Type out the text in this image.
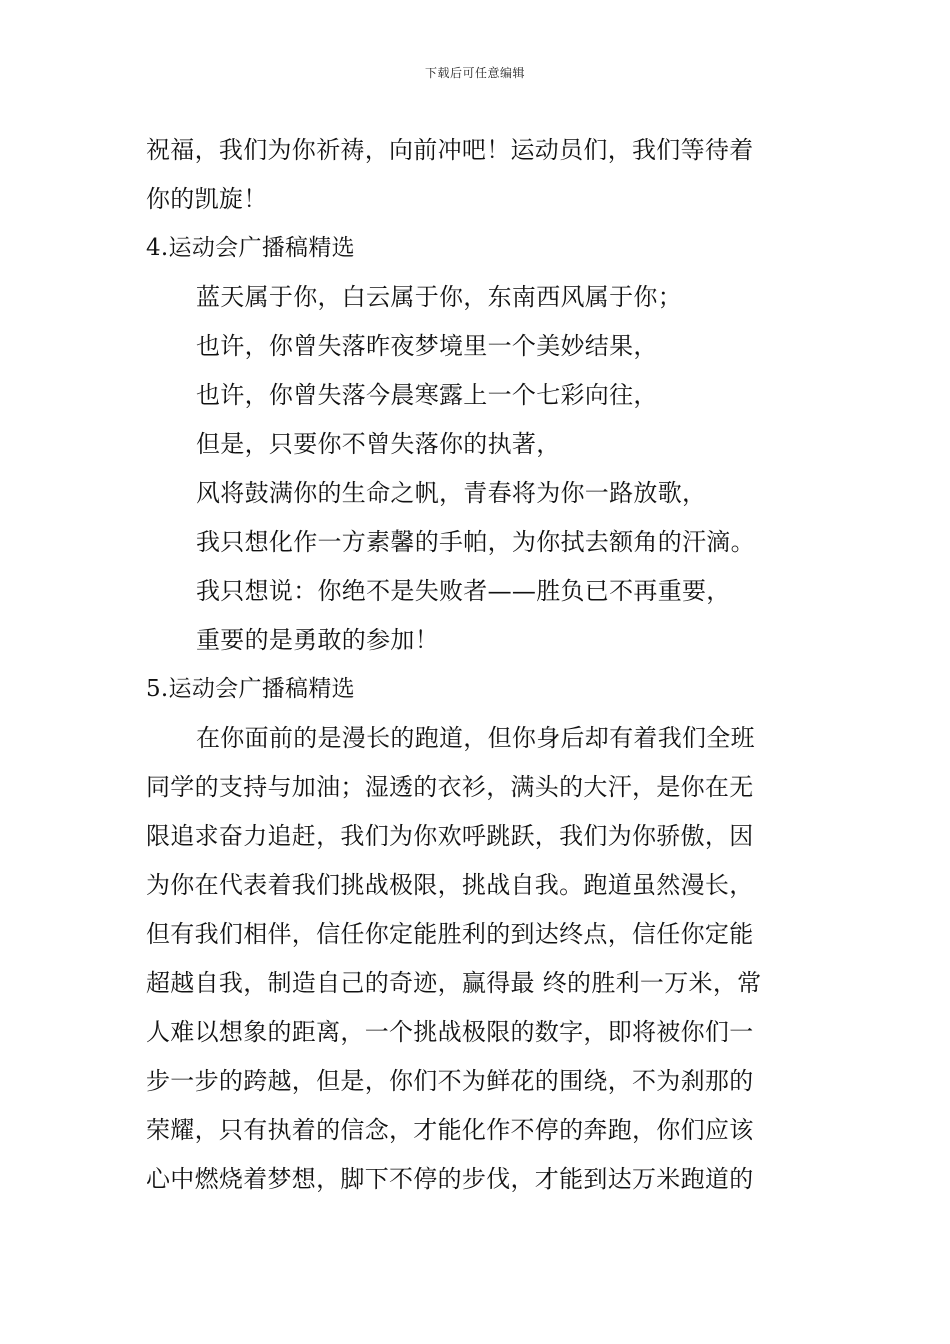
下载后可任意编辑
祝福，我们为你祈祷，向前冲吧！运动员们，我们等待着
你的凯旋！
4.运动会广播稿精选
蓝天属于你，白云属于你，东南西风属于你；
也许，你曾失落昨夜梦境里一个美妙结果，
也许，你曾失落今晨寒露上一个七彩向往，
但是，只要你不曾失落你的执著，
风将鼓满你的生命之帆，青春将为你一路放歌，
我只想化作一方素馨的手帕，为你拭去额角的汗滴。
我只想说：你绝不是失败者——胜负已不再重要，
重要的是勇敢的参加！
5.运动会广播稿精选
在你面前的是漫长的跑道，但你身后却有着我们全班
同学的支持与加油；湿透的衣衫，满头的大汗，是你在无
限追求奋力追赶，我们为你欢呼跳跃，我们为你骄傲，因
为你在代表着我们挑战极限，挑战自我。跑道虽然漫长，
但有我们相伴，信任你定能胜利的到达终点，信任你定能
超越自我，制造自己的奇迹，赢得最 终的胜利一万米，常
人难以想象的距离，一个挑战极限的数字，即将被你们一
步一步的跨越，但是，你们不为鲜花的围绕，不为刹那的
荣耀，只有执着的信念，才能化作不停的奔跑，你们应该
心中燃烧着梦想，脚下不停的步伐，才能到达万米跑道的
